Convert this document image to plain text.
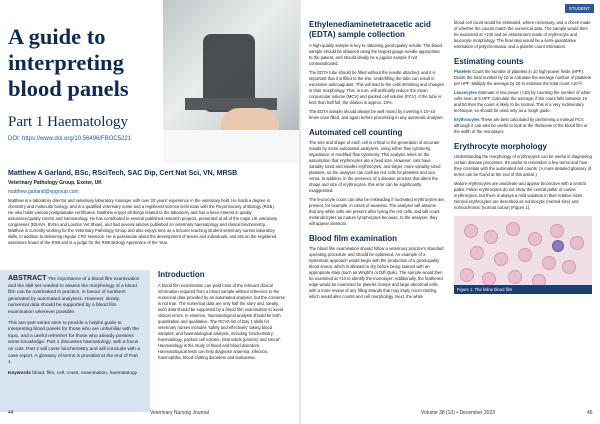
A guide to interpreting blood panels
Part 1 Haematology
DOI: https://www.doi.org/10.56496/FBOC5221
Matthew A Garland, BSc, RSciTech, SAC Dip, Cert Nat Sci, VN, MRSB
Veterinary Pathology Group, Exeter, UK
matthew.garland@vpgroup.com
Matthew is a laboratory director and veterinary laboratory manager with over 20 years' experience in the veterinary field. He holds a degree in chemistry and molecular biology, and is a qualified veterinary nurse and a registered science technician with the Royal Society of Biology (RSB). He also holds various postgraduate certificates. Matthew enjoys all things related to the laboratory and has a keen interest in quality assurance/quality control and haematology. He has contributed to several published research projects, presented at all of the major UK veterinary congresses (BSAVA, BVNA and London Vet Show), and had several articles published on veterinary haematology and clinical biochemistry. Matthew is currently working for the Veterinary Pathology Group and also enjoys time as a lecturer teaching student veterinary nurses laboratory skills, in addition to delivering regular CPD sessions. He is passionate about the development of teams and individuals, and sits on the registered assessors board of the RSB and is a judge for the RSB Biology Apprentice of the Year.
ABSTRACT The importance of a blood film examination and the skill set needed to assess the morphology of a blood film can be overlooked in practice, in favour of numbers generated by automated analysers. However, slowly, numerical data should be supported by a blood film examination wherever possible.
This two-part series aims to provide a helpful guide to interpreting blood panels for those who are unfamiliar with the topic, and a useful refresher for those who already possess some knowledge. Part 1 discusses haematology, with a focus on cats. Part 2 will cover biochemistry and will conclude with a case report. A glossary of terms is provided at the end of Part 1.
Keywords blood, film, cell, count, examination, haematology
Introduction
A blood film examination can yield most of the relevant clinical information required from a blood sample without reference to the numerical data provided by an automated analyser, but the converse is not true. The numerical data are only half the story and, ideally, such data should be supported by a blood film examination to avoid clinical errors. In essence, haematological analysis should be both quantitative and qualitative. The RCVS list of Day 1 skills for veterinary nurses includes 'safely and effectively' taking blood samples, and haematological analysis, including 'biochemistry, haematology, packed cell volume, total solids (protein) and smear'. Haematology is the study of blood and blood disorders. Haematological tests can help diagnose anaemia, infection, haemophilia, blood-clotting disorders and leukaemia.
44	Veterinary Nursing Journal
STUDENT
Ethylenediaminetetraacetic acid (EDTA) sample collection
A high-quality sample is key to obtaining good-quality results. The blood sample should be obtained using the largest gauge needle appropriate to the patient, and should ideally be a jugular sample if not contraindicated.
The EDTA tube should be filled without the needle attached, and it is important that it is filled to the line. Underfilling the tube can result in excessive anticoagulant. This will lead to the cells shrinking and changes in their morphology. This, in turn, will artificially reduce the mean corpuscular volume (MCV) and packed cell volume (PCV). If the tube is less than half full, the dilution is approx. 10%.
The EDTA sample should always be well mixed by inverting it 10–15 times once filled, and again before processing in any automatic analyser.
Automated cell counting
The size and shape of each cell is critical to the generation of accurate results by some automated analysers, using either flow cytometry, impedance or modified flow cytometry. This analysis relies on the assumption that erythrocytes are a fixed size. However, cats have variably sized and smaller erythrocytes, and larger, more variably sized platelets, so the analyser can confuse red cells for platelets and vice versa. In addition, in the presence of a disease process that alters the shape and size of erythrocytes, this error can be significantly exaggerated.
The leucocyte count can also be misleading if nucleated erythrocytes are present, for example, in cases of anaemia. The analyser will assume that any white cells are present after lysing the red cells, and will count metarubricytes as mature lymphocytes because, to the analyser, they will appear identical.
Blood film examination
The blood film examination should follow a veterinary practice's standard operating procedure and should be optimised. An example of a systematic approach would begin with the production of a good-quality blood smear, which is allowed to dry before being stained with an appropriate stain (such as Wright's or Diff-Quik). The sample would then be examined at ×10 to identify the monolayer. Additionally, the feathered edge would be examined for platelet clumps and large abnormal cells, with a more review of any filling strands that may imply micro-clotting, which would alter counts and cell morphology. Next, the white
blood cell count would be estimated, where necessary, and a check made of whether the counts match the numerical data. The sample would then be examined at ×100 and an assessment made of erythrocyte and leucocyte morphology. The final step would be a semi-quantitative estimation of polychromasia, and a platelet count estimation.
Estimating counts
Platelets Count the number of platelets in 10 high-power fields (HPF). Divide the total number by 10 to calculate the average number of platelets per HPF. Multiply the average by 20 to estimate the total count ×10⁹/l.
Leucocytes Estimate in low power (×10) by counting the number of white cells seen at 5 HPF. Calculate the average; if the count falls between 10 and 50 then the count is likely to be normal. This is a very rudimentary technique, so should be used only as a rough guide.
Erythrocytes These are best calculated by performing a manual PCV, although it can also be useful to look at the thickness of the blood film or the width of the monolayer.
Erythrocyte morphology
Understanding the morphology of erythrocytes can be useful in diagnosing certain disease processes. It's useful to remember a few terms and how they correlate with the automated cell counts. (A more detailed glossary of terms can be found at the end of this article.)
Mature erythrocytes are anucleate and appear biconcave with a central pallor. Feline erythrocytes do not show the central pallor of canine erythrocytes, but there is always a mild variation in their relative sizes. Normal erythrocytes are described as normocytic (normal size) and normochromic (normal colour) (Figure 1).
Figure 1. The feline blood film
Volume 38 (10) • December 2023	45
